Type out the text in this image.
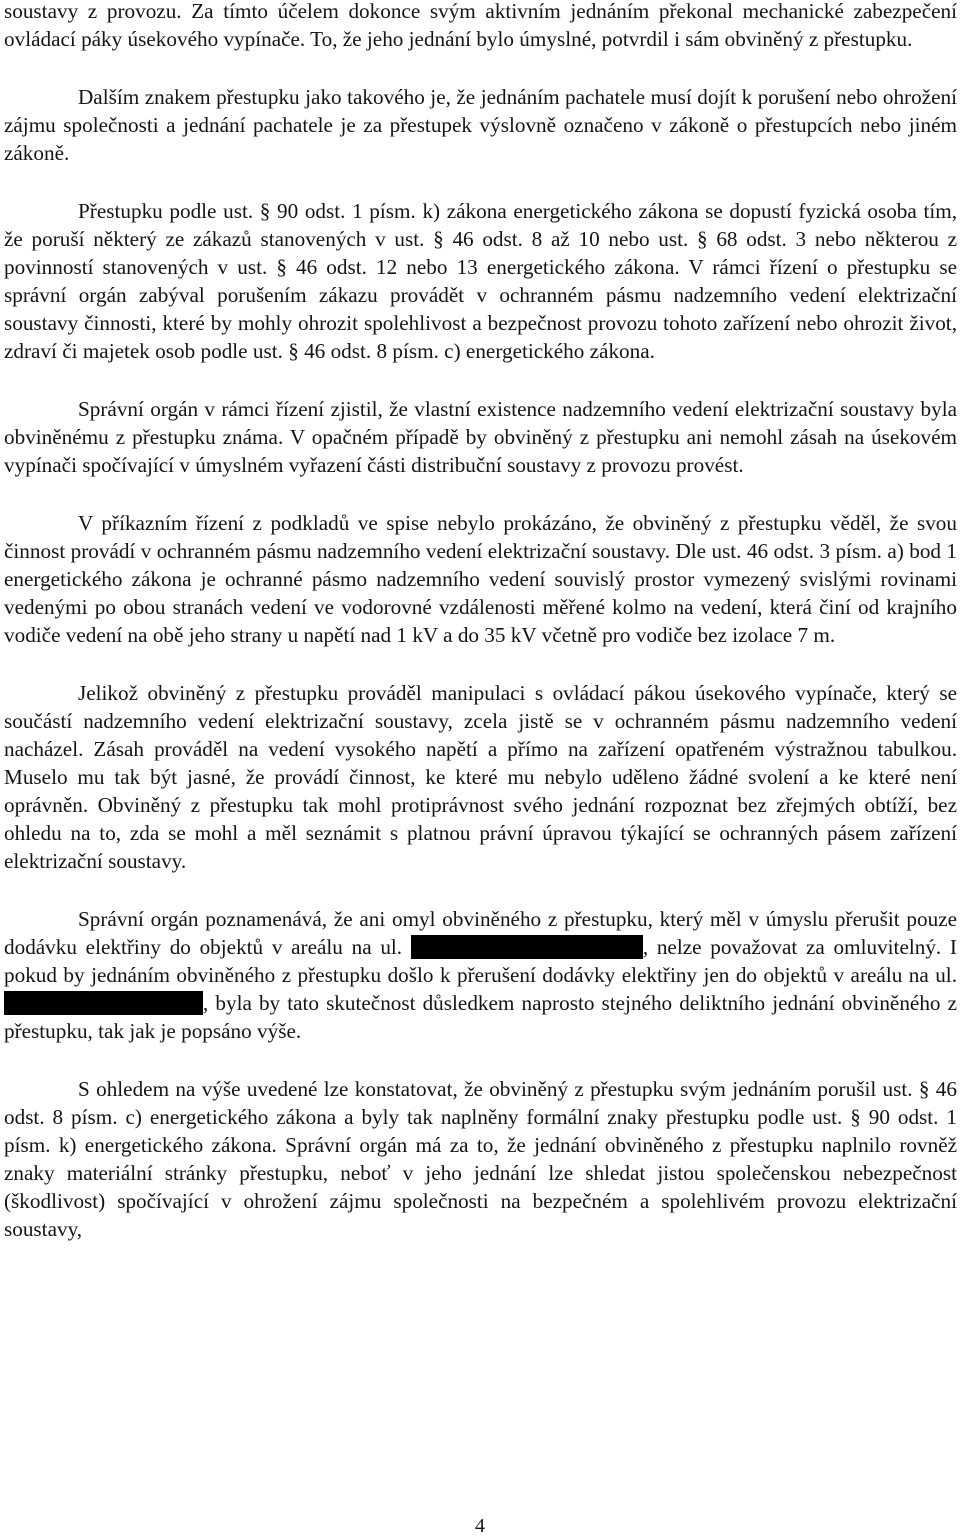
soustavy z provozu. Za tímto účelem dokonce svým aktivním jednáním překonal mechanické zabezpečení ovládací páky úsekového vypínače. To, že jeho jednání bylo úmyslné, potvrdil i sám obviněný z přestupku.

Dalším znakem přestupku jako takového je, že jednáním pachatele musí dojít k porušení nebo ohrožení zájmu společnosti a jednání pachatele je za přestupek výslovně označeno v zákoně o přestupcích nebo jiném zákoně.

Přestupku podle ust. § 90 odst. 1 písm. k) zákona energetického zákona se dopustí fyzická osoba tím, že poruší některý ze zákazů stanovených v ust. § 46 odst. 8 až 10 nebo ust. § 68 odst. 3 nebo některou z povinností stanovených v ust. § 46 odst. 12 nebo 13 energetického zákona. V rámci řízení o přestupku se správní orgán zabýval porušením zákazu provádět v ochranném pásmu nadzemního vedení elektrizační soustavy činnosti, které by mohly ohrozit spolehlivost a bezpečnost provozu tohoto zařízení nebo ohrozit život, zdraví či majetek osob podle ust. § 46 odst. 8 písm. c) energetického zákona.

Správní orgán v rámci řízení zjistil, že vlastní existence nadzemního vedení elektrizační soustavy byla obviněnému z přestupku známa. V opačném případě by obviněný z přestupku ani nemohl zásah na úsekovém vypínači spočívající v úmyslném vyřazení části distribuční soustavy z provozu provést.

V příkazním řízení z podkladů ve spise nebylo prokázáno, že obviněný z přestupku věděl, že svou činnost provádí v ochranném pásmu nadzemního vedení elektrizační soustavy. Dle ust. 46 odst. 3 písm. a) bod 1 energetického zákona je ochranné pásmo nadzemního vedení souvislý prostor vymezený svislými rovinami vedenými po obou stranách vedení ve vodorovné vzdálenosti měřené kolmo na vedení, která činí od krajního vodiče vedení na obě jeho strany u napětí nad 1 kV a do 35 kV včetně pro vodiče bez izolace 7 m.

Jelikož obviněný z přestupku prováděl manipulaci s ovládací pákou úsekového vypínače, který se součástí nadzemního vedení elektrizační soustavy, zcela jistě se v ochranném pásmu nadzemního vedení nacházel. Zásah prováděl na vedení vysokého napětí a přímo na zařízení opatřeném výstražnou tabulkou. Muselo mu tak být jasné, že provádí činnost, ke které mu nebylo uděleno žádné svolení a ke které není oprávněn. Obviněný z přestupku tak mohl protiprávnost svého jednání rozpoznat bez zřejmých obtíží, bez ohledu na to, zda se mohl a měl seznámit s platnou právní úpravou týkající se ochranných pásem zařízení elektrizační soustavy.

Správní orgán poznamenává, že ani omyl obviněného z přestupku, který měl v úmyslu přerušit pouze dodávku elektřiny do objektů v areálu na ul.	, nelze považovat za omluvitelný. I pokud by jednáním obviněného z přestupku došlo k přerušení dodávky elektřiny jen do objektů v areálu na ul. , byla by tato skutečnost důsledkem naprosto stejného deliktního jednání obviněného z přestupku, tak jak je popsáno výše.

S ohledem na výše uvedené lze konstatovat, že obviněný z přestupku svým jednáním porušil ust. § 46 odst. 8 písm. c) energetického zákona a byly tak naplněny formální znaky přestupku podle ust. § 90 odst. 1 písm. k) energetického zákona. Správní orgán má za to, že jednání obviněného z přestupku naplnilo rovněž znaky materiální stránky přestupku, neboť v jeho jednání lze shledat jistou společenskou nebezpečnost (škodlivost) spočívající v ohrožení zájmu společnosti na bezpečném a spolehlivém provozu elektrizační soustavy,

4
